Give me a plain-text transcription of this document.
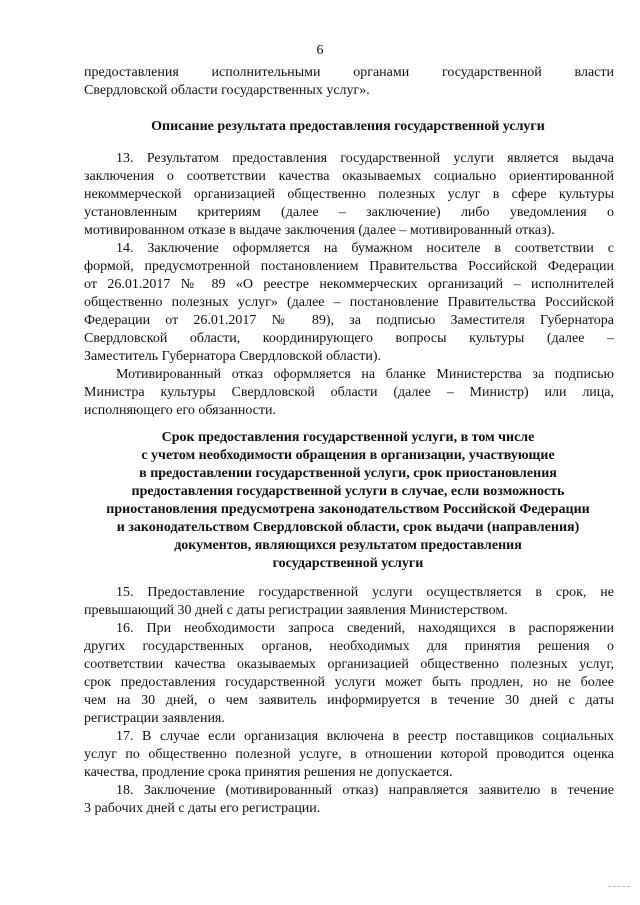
6
предоставления исполнительными органами государственной власти
Свердловской области государственных услуг».
Описание результата предоставления государственной услуги
13. Результатом предоставления государственной услуги является выдача
заключения о соответствии качества оказываемых социально ориентированной
некоммерческой организацией общественно полезных услуг в сфере культуры
установленным критериям (далее – заключение) либо уведомления о
мотивированном отказе в выдаче заключения (далее – мотивированный отказ).
14. Заключение оформляется на бумажном носителе в соответствии с
формой, предусмотренной постановлением Правительства Российской Федерации
от 26.01.2017 № 89 «О реестре некоммерческих организаций – исполнителей
общественно полезных услуг» (далее – постановление Правительства Российской
Федерации от 26.01.2017 № 89), за подписью Заместителя Губернатора
Свердловской области, координирующего вопросы культуры (далее –
Заместитель Губернатора Свердловской области).
Мотивированный отказ оформляется на бланке Министерства за подписью
Министра культуры Свердловской области (далее – Министр) или лица,
исполняющего его обязанности.
Срок предоставления государственной услуги, в том числе
с учетом необходимости обращения в организации, участвующие
в предоставлении государственной услуги, срок приостановления
предоставления государственной услуги в случае, если возможность
приостановления предусмотрена законодательством Российской Федерации
и законодательством Свердловской области, срок выдачи (направления)
документов, являющихся результатом предоставления
государственной услуги
15. Предоставление государственной услуги осуществляется в срок, не
превышающий 30 дней с даты регистрации заявления Министерством.
16. При необходимости запроса сведений, находящихся в распоряжении
других государственных органов, необходимых для принятия решения о
соответствии качества оказываемых организацией общественно полезных услуг,
срок предоставления государственной услуги может быть продлен, но не более
чем на 30 дней, о чем заявитель информируется в течение 30 дней с даты
регистрации заявления.
17. В случае если организация включена в реестр поставщиков социальных
услуг по общественно полезной услуге, в отношении которой проводится оценка
качества, продление срока принятия решения не допускается.
18. Заключение (мотивированный отказ) направляется заявителю в течение
3 рабочих дней с даты его регистрации.
